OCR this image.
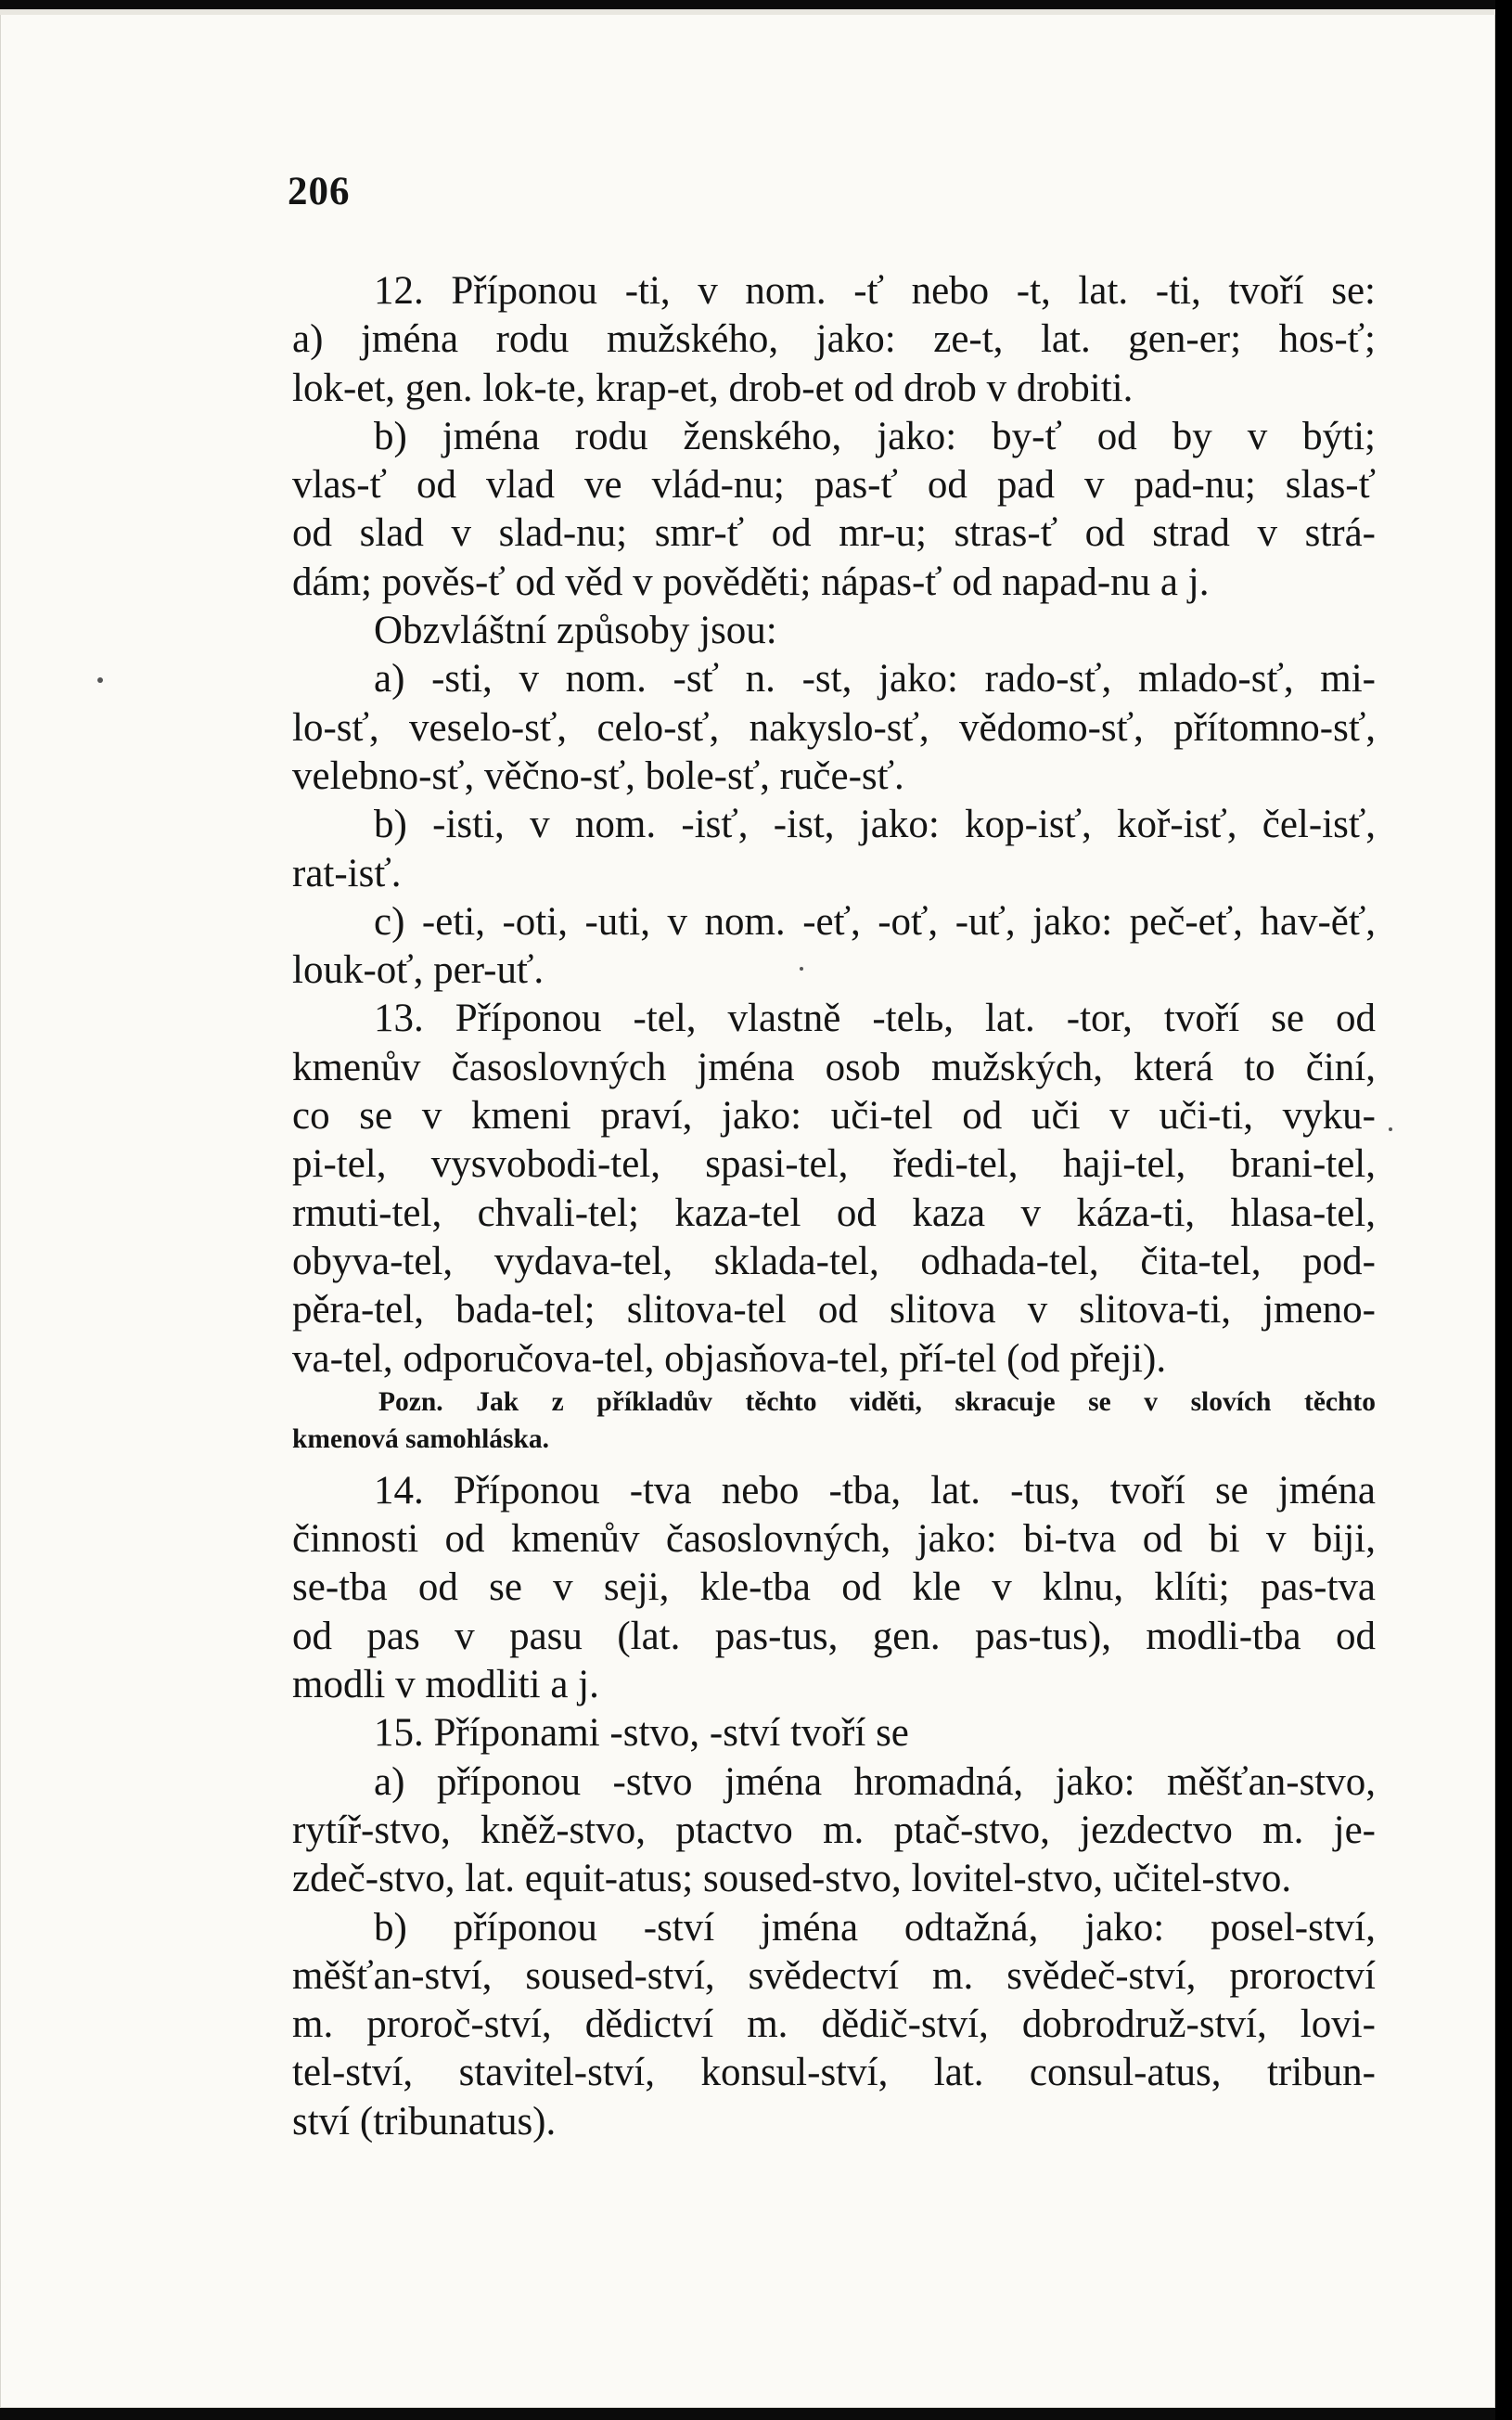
206
12. Příponou -ti, v nom. -ť nebo -t, lat. -ti, tvoří se:
a) jména rodu mužského, jako: ze-t, lat. gen-er; hos-ť;
lok-et, gen. lok-te, krap-et, drob-et od drob v drobiti.
b) jména rodu ženského, jako: by-ť od by v býti;
vlas-ť od vlad ve vlád-nu; pas-ť od pad v pad-nu; slas-ť
od slad v slad-nu; smr-ť od mr-u; stras-ť od strad v strá-
dám; pověs-ť od věd v pověděti; nápas-ť od napad-nu a j.
Obzvláštní způsoby jsou:
a) -sti, v nom. -sť n. -st, jako: rado-sť, mlado-sť, mi-
lo-sť, veselo-sť, celo-sť, nakyslo-sť, vědomo-sť, přítomno-sť,
velebno-sť, věčno-sť, bole-sť, ruče-sť.
b) -isti, v nom. -isť, -ist, jako: kop-isť, koř-isť, čel-isť,
rat-isť.
c) -eti, -oti, -uti, v nom. -eť, -oť, -uť, jako: peč-eť, hav-ěť,
louk-oť, per-uť.
13. Příponou -tel, vlastně -telь, lat. -tor, tvoří se od
kmenův časoslovných jména osob mužských, která to činí,
co se v kmeni praví, jako: uči-tel od uči v uči-ti, vyku-
pi-tel, vysvobodi-tel, spasi-tel, ředi-tel, haji-tel, brani-tel,
rmuti-tel, chvali-tel; kaza-tel od kaza v káza-ti, hlasa-tel,
obyva-tel, vydava-tel, sklada-tel, odhada-tel, čita-tel, pod-
pěra-tel, bada-tel; slitova-tel od slitova v slitova-ti, jmeno-
va-tel, odporučova-tel, objasňova-tel, pří-tel (od přeji).
Pozn. Jak z příkladův těchto viděti, skracuje se v slovích těchto
kmenová samohláska.
14. Příponou -tva nebo -tba, lat. -tus, tvoří se jména
činnosti od kmenův časoslovných, jako: bi-tva od bi v biji,
se-tba od se v seji, kle-tba od kle v klnu, klíti; pas-tva
od pas v pasu (lat. pas-tus, gen. pas-tus), modli-tba od
modli v modliti a j.
15. Příponami -stvo, -ství tvoří se
a) příponou -stvo jména hromadná, jako: měšťan-stvo,
rytíř-stvo, kněž-stvo, ptactvo m. ptač-stvo, jezdectvo m. je-
zdeč-stvo, lat. equit-atus; soused-stvo, lovitel-stvo, učitel-stvo.
b) příponou -ství jména odtažná, jako: posel-ství,
měšťan-ství, soused-ství, svědectví m. svědeč-ství, proroctví
m. proroč-ství, dědictví m. dědič-ství, dobrodruž-ství, lovi-
tel-ství, stavitel-ství, konsul-ství, lat. consul-atus, tribun-
ství (tribunatus).
